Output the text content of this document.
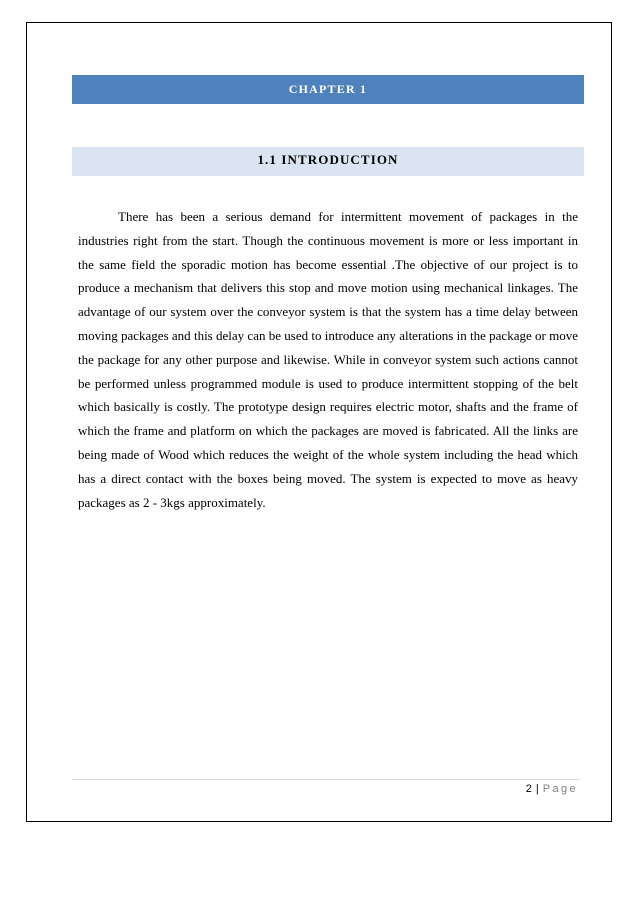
CHAPTER 1
1.1 INTRODUCTION

There has been a serious demand for intermittent movement of packages in the industries right from the start. Though the continuous movement is more or less important in the same field the sporadic motion has become essential .The objective of our project is to produce a mechanism that delivers this stop and move motion using mechanical linkages. The advantage of our system over the conveyor system is that the system has a time delay between moving packages and this delay can be used to introduce any alterations in the package or move the package for any other purpose and likewise. While in conveyor system such actions cannot be performed unless programmed module is used to produce intermittent stopping of the belt which basically is costly. The prototype design requires electric motor, shafts and the frame of which the frame and platform on which the packages are moved is fabricated. All the links are being made of Wood which reduces the weight of the whole system including the head which has a direct contact with the boxes being moved. The system is expected to move as heavy packages as 2 - 3kgs approximately.

2 | Page
